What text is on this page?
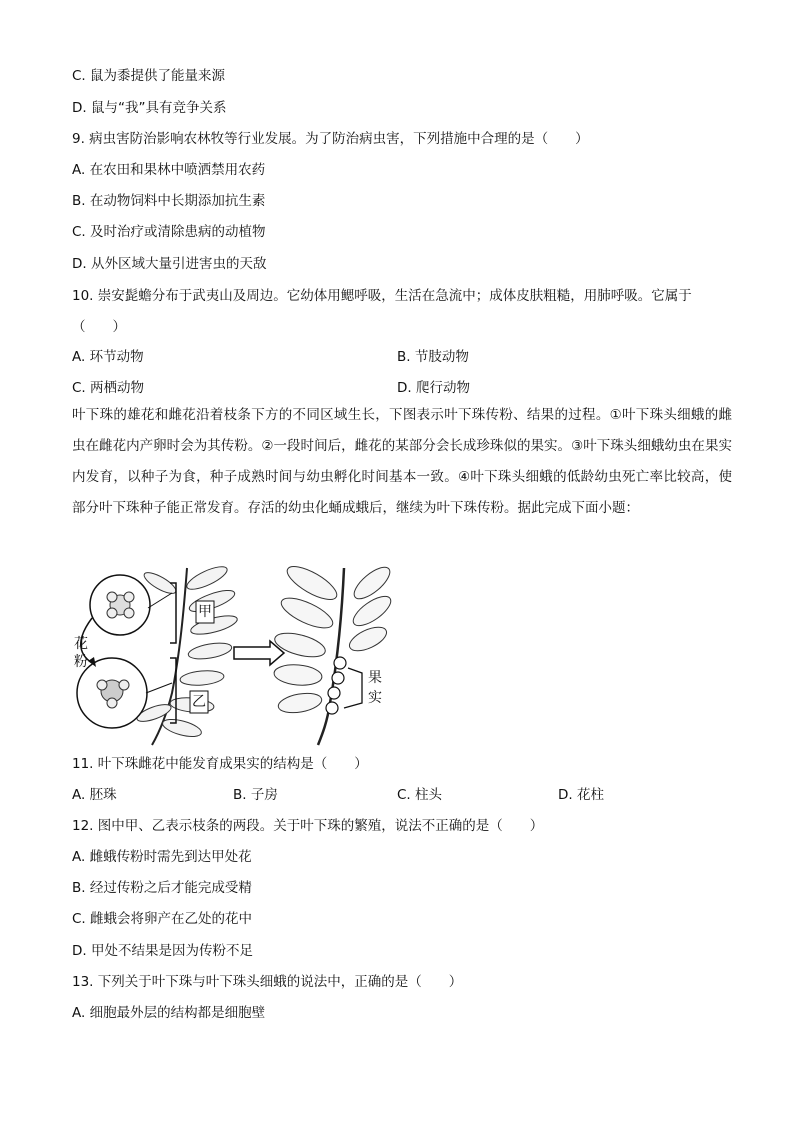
C. 鼠为黍提供了能量来源
D. 鼠与“我”具有竞争关系
9. 病虫害防治影响农林牧等行业发展。为了防治病虫害，下列措施中合理的是（　　）
A. 在农田和果林中喷洒禁用农药
B. 在动物饲料中长期添加抗生素
C. 及时治疗或清除患病的动植物
D. 从外区域大量引进害虫的天敌
10. 崇安髭蟾分布于武夷山及周边。它幼体用鳃呼吸，生活在急流中；成体皮肤粗糙，用肺呼吸。它属于
（　　）
A. 环节动物	B. 节肢动物
C. 两栖动物	D. 爬行动物
叶下珠的雄花和雌花沿着枝条下方的不同区域生长，下图表示叶下珠传粉、结果的过程。①叶下珠头细蛾的雌虫在雌花内产卵时会为其传粉。②一段时间后，雌花的某部分会长成珍珠似的果实。③叶下珠头细蛾幼虫在果实内发育，以种子为食，种子成熟时间与幼虫孵化时间基本一致。④叶下珠头细蛾的低龄幼虫死亡率比较高，使部分叶下珠种子能正常发育。存活的幼虫化蛹成蛾后，继续为叶下珠传粉。据此完成下面小题：
甲
乙
花
粉
果
实
11. 叶下珠雌花中能发育成果实的结构是（　　）
A. 胚珠	B. 子房	C. 柱头	D. 花柱
12. 图中甲、乙表示枝条的两段。关于叶下珠的繁殖，说法不正确的是（　　）
A. 雌蛾传粉时需先到达甲处花
B. 经过传粉之后才能完成受精
C. 雌蛾会将卵产在乙处的花中
D. 甲处不结果是因为传粉不足
13. 下列关于叶下珠与叶下珠头细蛾的说法中，正确的是（　　）
A. 细胞最外层的结构都是细胞壁
